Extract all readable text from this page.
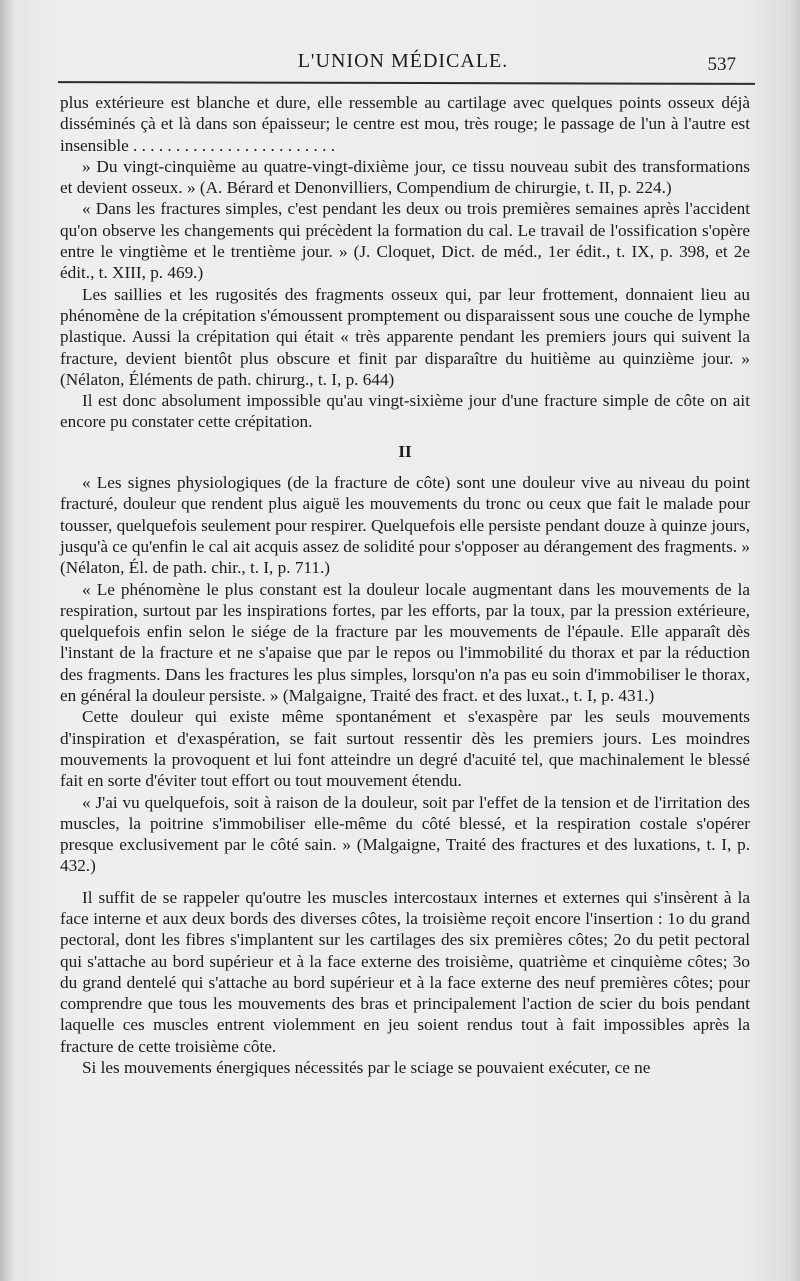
L'UNION MÉDICALE.	537

plus extérieure est blanche et dure, elle ressemble au cartilage avec quelques points osseux déjà disséminés çà et là dans son épaisseur; le centre est mou, très rouge; le passage de l'un à l'autre est insensible . . . . . . . . . . . . . . . . . . . . . . . .

» Du vingt-cinquième au quatre-vingt-dixième jour, ce tissu nouveau subit des transformations et devient osseux. » (A. Bérard et Denonvilliers, Compendium de chirurgie, t. II, p. 224.)

« Dans les fractures simples, c'est pendant les deux ou trois premières semaines après l'accident qu'on observe les changements qui précèdent la formation du cal. Le travail de l'ossification s'opère entre le vingtième et le trentième jour. » (J. Cloquet, Dict. de méd., 1er édit., t. IX, p. 398, et 2e édit., t. XIII, p. 469.)

Les saillies et les rugosités des fragments osseux qui, par leur frottement, donnaient lieu au phénomène de la crépitation s'émoussent promptement ou disparaissent sous une couche de lymphe plastique. Aussi la crépitation qui était « très apparente pendant les premiers jours qui suivent la fracture, devient bientôt plus obscure et finit par disparaître du huitième au quinzième jour. » (Nélaton, Éléments de path. chirurg., t. I, p. 644)

Il est donc absolument impossible qu'au vingt-sixième jour d'une fracture simple de côte on ait encore pu constater cette crépitation.

II

« Les signes physiologiques (de la fracture de côte) sont une douleur vive au niveau du point fracturé, douleur que rendent plus aiguë les mouvements du tronc ou ceux que fait le malade pour tousser, quelquefois seulement pour respirer. Quelquefois elle persiste pendant douze à quinze jours, jusqu'à ce qu'enfin le cal ait acquis assez de solidité pour s'opposer au dérangement des fragments. » (Nélaton, Él. de path. chir., t. I, p. 711.)

« Le phénomène le plus constant est la douleur locale augmentant dans les mouvements de la respiration, surtout par les inspirations fortes, par les efforts, par la toux, par la pression extérieure, quelquefois enfin selon le siége de la fracture par les mouvements de l'épaule. Elle apparaît dès l'instant de la fracture et ne s'apaise que par le repos ou l'immobilité du thorax et par la réduction des fragments. Dans les fractures les plus simples, lorsqu'on n'a pas eu soin d'immobiliser le thorax, en général la douleur persiste. » (Malgaigne, Traité des fract. et des luxat., t. I, p. 431.)

Cette douleur qui existe même spontanément et s'exaspère par les seuls mouvements d'inspiration et d'exaspération, se fait surtout ressentir dès les premiers jours. Les moindres mouvements la provoquent et lui font atteindre un degré d'acuité tel, que machinalement le blessé fait en sorte d'éviter tout effort ou tout mouvement étendu.

« J'ai vu quelquefois, soit à raison de la douleur, soit par l'effet de la tension et de l'irritation des muscles, la poitrine s'immobiliser elle-même du côté blessé, et la respiration costale s'opérer presque exclusivement par le côté sain. » (Malgaigne, Traité des fractures et des luxations, t. I, p. 432.)

Il suffit de se rappeler qu'outre les muscles intercostaux internes et externes qui s'insèrent à la face interne et aux deux bords des diverses côtes, la troisième reçoit encore l'insertion : 1o du grand pectoral, dont les fibres s'implantent sur les cartilages des six premières côtes; 2o du petit pectoral qui s'attache au bord supérieur et à la face externe des troisième, quatrième et cinquième côtes; 3o du grand dentelé qui s'attache au bord supérieur et à la face externe des neuf premières côtes; pour comprendre que tous les mouvements des bras et principalement l'action de scier du bois pendant laquelle ces muscles entrent violemment en jeu soient rendus tout à fait impossibles après la fracture de cette troisième côte.

Si les mouvements énergiques nécessités par le sciage se pouvaient exécuter, ce ne
